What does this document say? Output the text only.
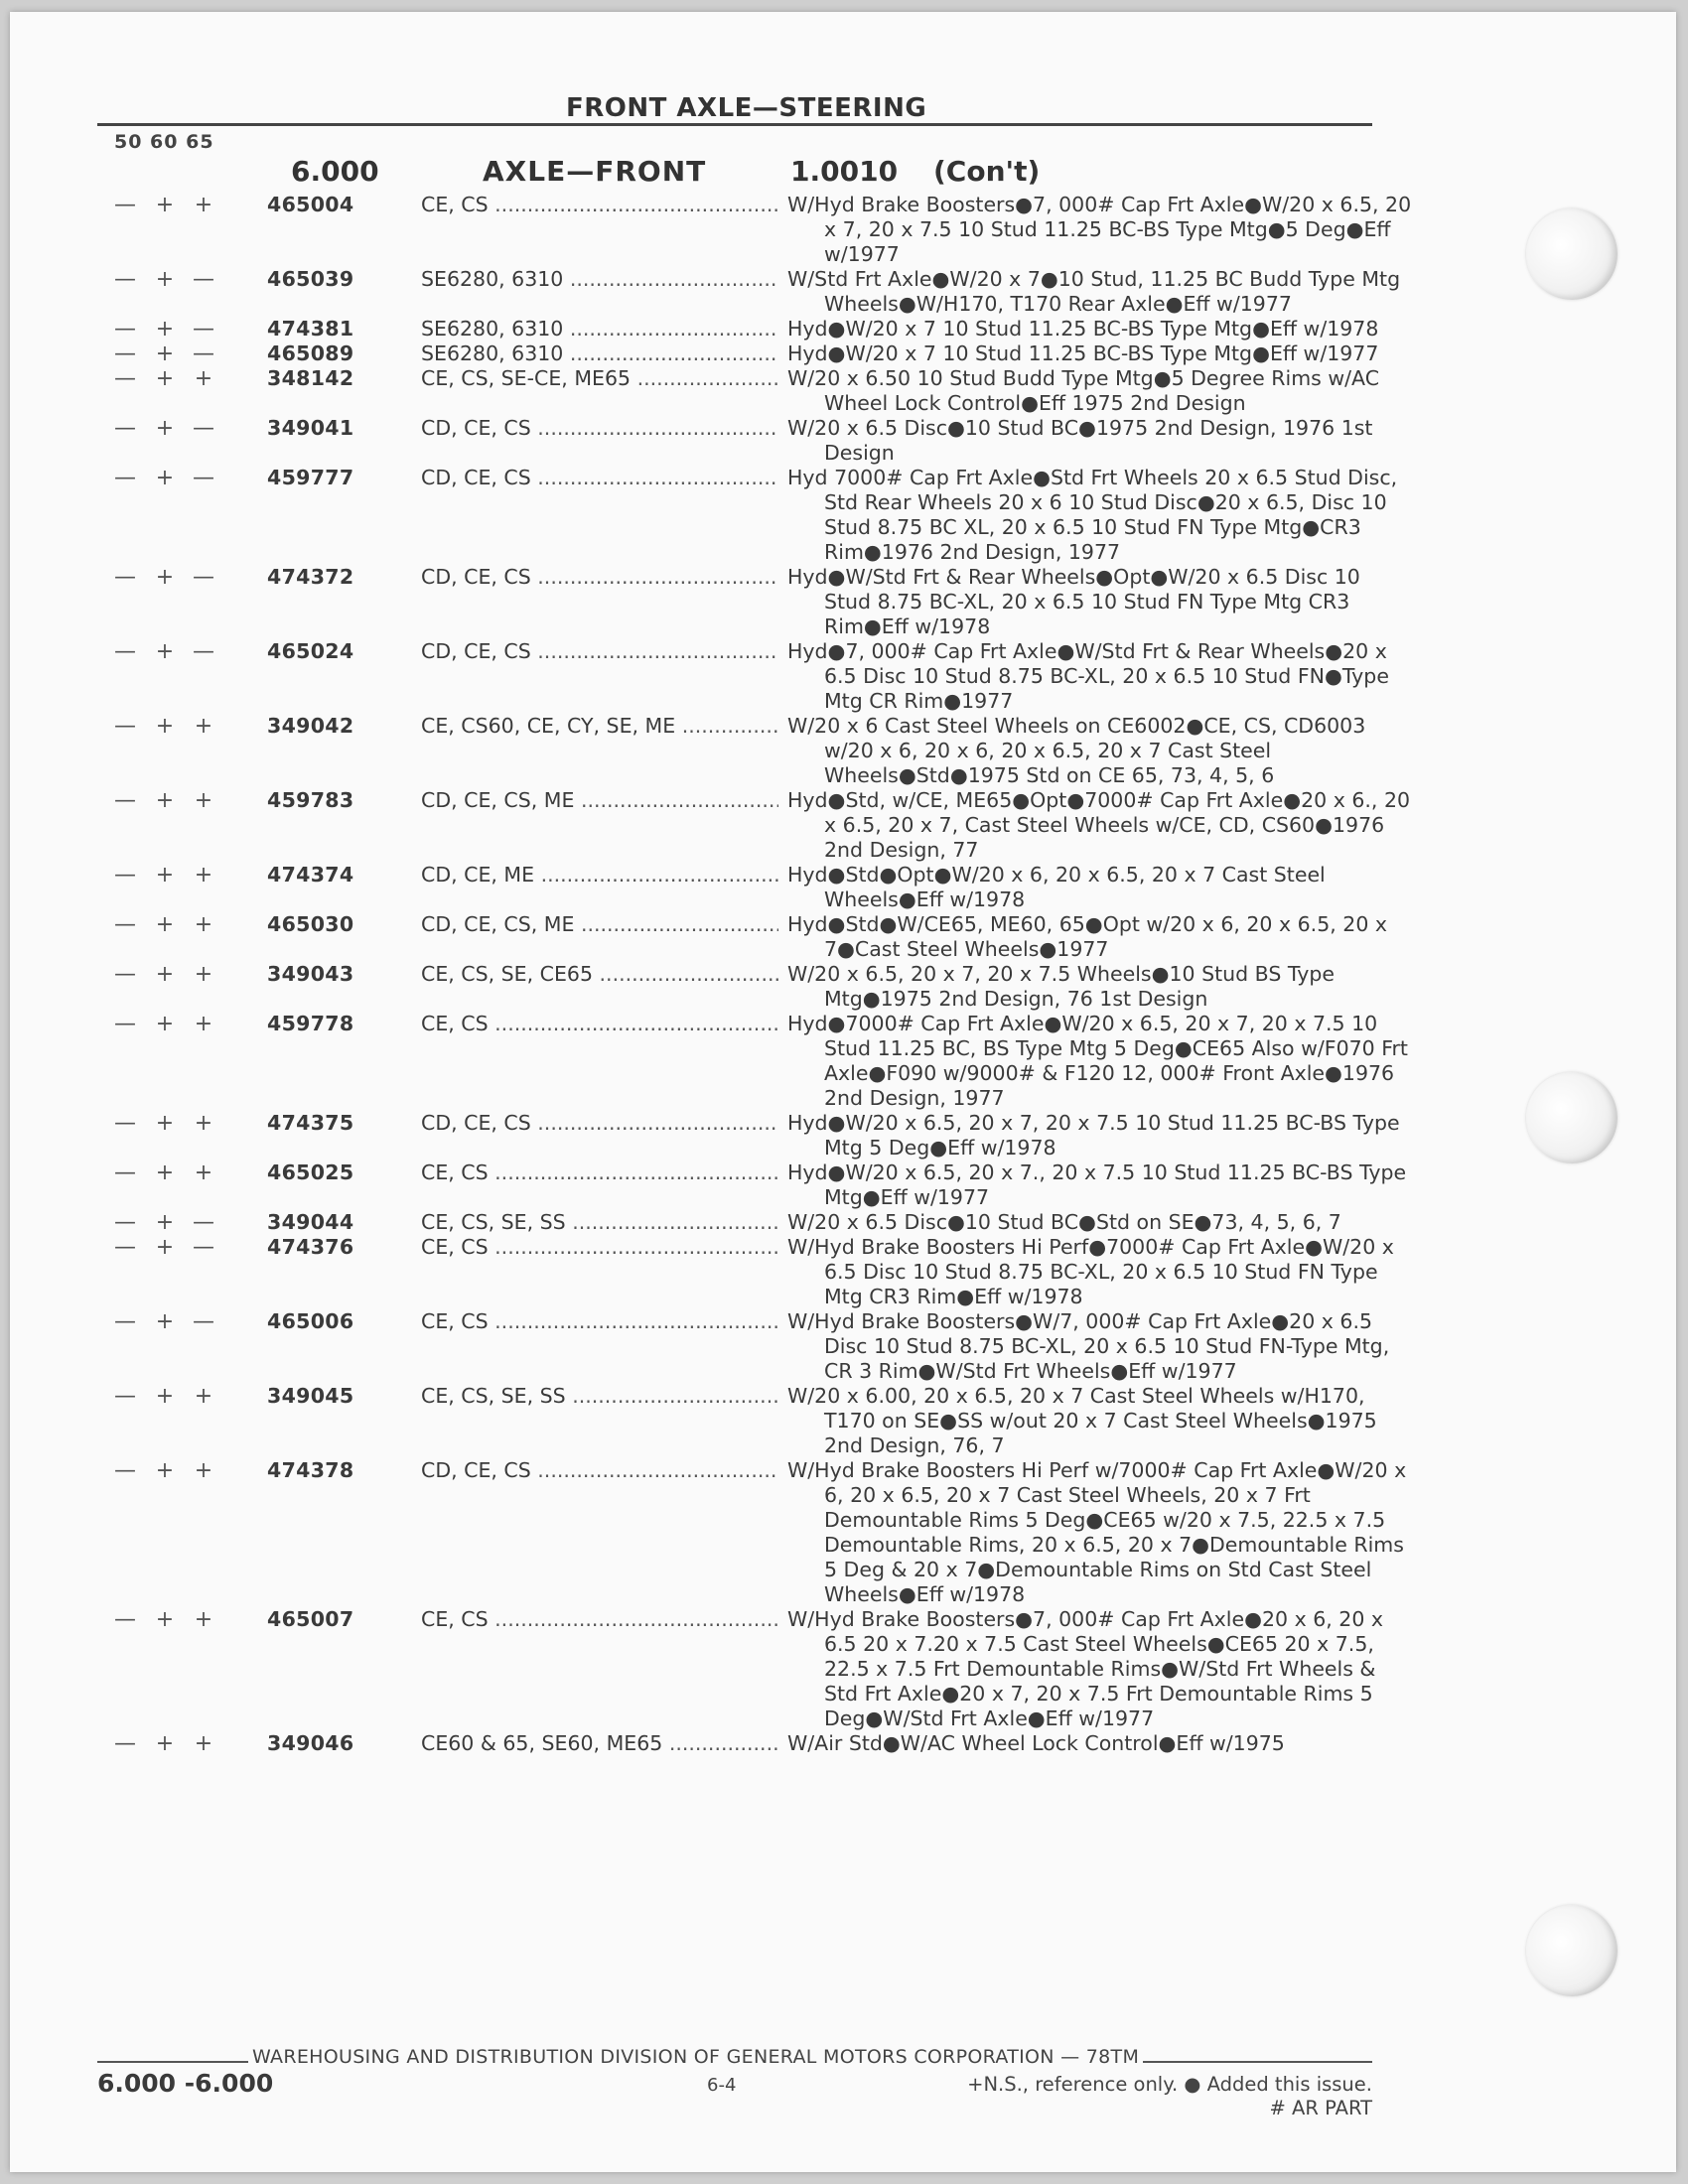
FRONT AXLE—STEERING
50 60 65
6.000	AXLE—FRONT	1.0010 (Con't)
— + +	465004	CE, CS .....	W/Hyd Brake Boosters●7, 000# Cap Frt Axle●W/20 x 6.5, 20 x 7, 20 x 7.5 10 Stud 11.25 BC-BS Type Mtg●5 Deg●Eff w/1977
— + —	465039	SE6280, 6310 .....	W/Std Frt Axle●W/20 x 7●10 Stud, 11.25 BC Budd Type Mtg Wheels●W/H170, T170 Rear Axle●Eff w/1977
— + —	474381	SE6280, 6310 .....	Hyd●W/20 x 7 10 Stud 11.25 BC-BS Type Mtg●Eff w/1978
— + —	465089	SE6280, 6310 .....	Hyd●W/20 x 7 10 Stud 11.25 BC-BS Type Mtg●Eff w/1977
— + +	348142	CE, CS, SE-CE, ME65 .....	W/20 x 6.50 10 Stud Budd Type Mtg●5 Degree Rims w/AC Wheel Lock Control●Eff 1975 2nd Design
— + —	349041	CD, CE, CS .....	W/20 x 6.5 Disc●10 Stud BC●1975 2nd Design, 1976 1st Design
— + —	459777	CD, CE, CS .....	Hyd 7000# Cap Frt Axle●Std Frt Wheels 20 x 6.5 Stud Disc, Std Rear Wheels 20 x 6 10 Stud Disc●20 x 6.5, Disc 10 Stud 8.75 BC XL, 20 x 6.5 10 Stud FN Type Mtg●CR3 Rim●1976 2nd Design, 1977
— + —	474372	CD, CE, CS .....	Hyd●W/Std Frt & Rear Wheels●Opt●W/20 x 6.5 Disc 10 Stud 8.75 BC-XL, 20 x 6.5 10 Stud FN Type Mtg CR3 Rim●Eff w/1978
— + —	465024	CD, CE, CS .....	Hyd●7, 000# Cap Frt Axle●W/Std Frt & Rear Wheels●20 x 6.5 Disc 10 Stud 8.75 BC-XL, 20 x 6.5 10 Stud FN●Type Mtg CR Rim●1977
— + +	349042	CE, CS60, CE, CY, SE, ME .....	W/20 x 6 Cast Steel Wheels on CE6002●CE, CS, CD6003 w/20 x 6, 20 x 6, 20 x 6.5, 20 x 7 Cast Steel Wheels●Std●1975 Std on CE 65, 73, 4, 5, 6
— + +	459783	CD, CE, CS, ME .....	Hyd●Std, w/CE, ME65●Opt●7000# Cap Frt Axle●20 x 6., 20 x 6.5, 20 x 7, Cast Steel Wheels w/CE, CD, CS60●1976 2nd Design, 77
— + +	474374	CD, CE, ME .....	Hyd●Std●Opt●W/20 x 6, 20 x 6.5, 20 x 7 Cast Steel Wheels●Eff w/1978
— + +	465030	CD, CE, CS, ME .....	Hyd●Std●W/CE65, ME60, 65●Opt w/20 x 6, 20 x 6.5, 20 x 7●Cast Steel Wheels●1977
— + +	349043	CE, CS, SE, CE65 .....	W/20 x 6.5, 20 x 7, 20 x 7.5 Wheels●10 Stud BS Type Mtg●1975 2nd Design, 76 1st Design
— + +	459778	CE, CS .....	Hyd●7000# Cap Frt Axle●W/20 x 6.5, 20 x 7, 20 x 7.5 10 Stud 11.25 BC, BS Type Mtg 5 Deg●CE65 Also w/F070 Frt Axle●F090 w/9000# & F120 12, 000# Front Axle●1976 2nd Design, 1977
— + +	474375	CD, CE, CS .....	Hyd●W/20 x 6.5, 20 x 7, 20 x 7.5 10 Stud 11.25 BC-BS Type Mtg 5 Deg●Eff w/1978
— + +	465025	CE, CS .....	Hyd●W/20 x 6.5, 20 x 7., 20 x 7.5 10 Stud 11.25 BC-BS Type Mtg●Eff w/1977
— + —	349044	CE, CS, SE, SS .....	W/20 x 6.5 Disc●10 Stud BC●Std on SE●73, 4, 5, 6, 7
— + —	474376	CE, CS .....	W/Hyd Brake Boosters Hi Perf●7000# Cap Frt Axle●W/20 x 6.5 Disc 10 Stud 8.75 BC-XL, 20 x 6.5 10 Stud FN Type Mtg CR3 Rim●Eff w/1978
— + —	465006	CE, CS .....	W/Hyd Brake Boosters●W/7, 000# Cap Frt Axle●20 x 6.5 Disc 10 Stud 8.75 BC-XL, 20 x 6.5 10 Stud FN-Type Mtg, CR 3 Rim●W/Std Frt Wheels●Eff w/1977
— + +	349045	CE, CS, SE, SS .....	W/20 x 6.00, 20 x 6.5, 20 x 7 Cast Steel Wheels w/H170, T170 on SE●SS w/out 20 x 7 Cast Steel Wheels●1975 2nd Design, 76, 7
— + +	474378	CD, CE, CS .....	W/Hyd Brake Boosters Hi Perf w/7000# Cap Frt Axle●W/20 x 6, 20 x 6.5, 20 x 7 Cast Steel Wheels, 20 x 7 Frt Demountable Rims 5 Deg●CE65 w/20 x 7.5, 22.5 x 7.5 Demountable Rims, 20 x 6.5, 20 x 7●Demountable Rims 5 Deg & 20 x 7●Demountable Rims on Std Cast Steel Wheels●Eff w/1978
— + +	465007	CE, CS .....	W/Hyd Brake Boosters●7, 000# Cap Frt Axle●20 x 6, 20 x 6.5 20 x 7.20 x 7.5 Cast Steel Wheels●CE65 20 x 7.5, 22.5 x 7.5 Frt Demountable Rims●W/Std Frt Wheels & Std Frt Axle●20 x 7, 20 x 7.5 Frt Demountable Rims 5 Deg●W/Std Frt Axle●Eff w/1977
— + +	349046	CE60 & 65, SE60, ME65 .....	W/Air Std●W/AC Wheel Lock Control●Eff w/1975
WAREHOUSING AND DISTRIBUTION DIVISION OF GENERAL MOTORS CORPORATION — 78TM
6.000 -6.000	6-4	+N.S., reference only. ● Added this issue.
# AR PART
